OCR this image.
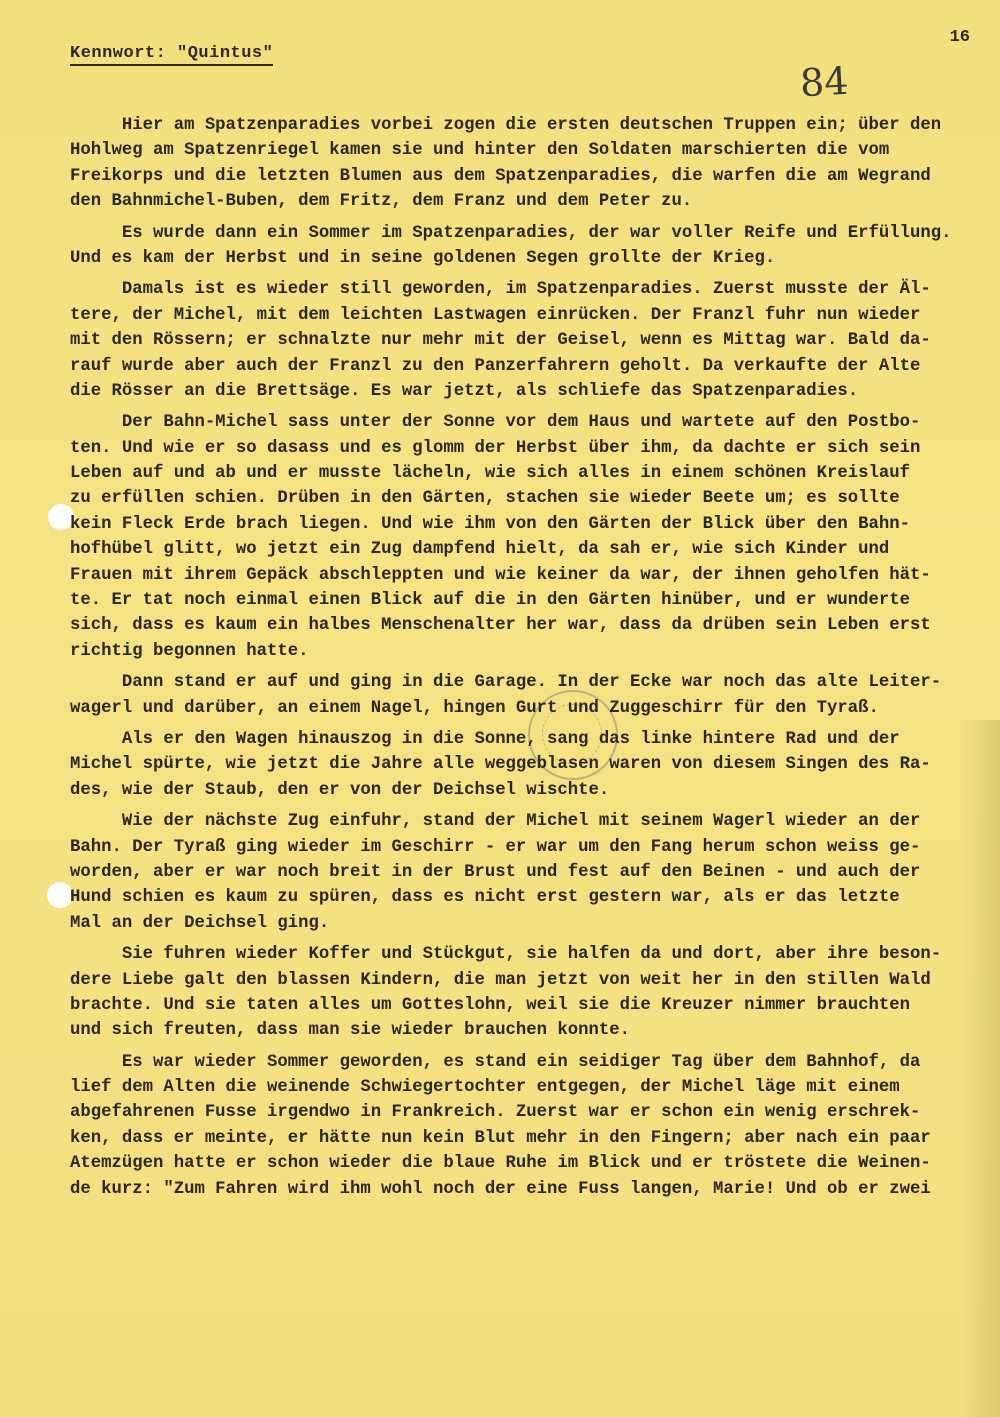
Kennwort: "Quintus"
16
84
Hier am Spatzenparadies vorbei zogen die ersten deutschen Truppen ein; über den
Hohlweg am Spatzenriegel kamen sie und hinter den Soldaten marschierten die vom
Freikorps und die letzten Blumen aus dem Spatzenparadies, die warfen die am Wegrand
den Bahnmichel-Buben, dem Fritz, dem Franz und dem Peter zu.
Es wurde dann ein Sommer im Spatzenparadies, der war voller Reife und Erfüllung.
Und es kam der Herbst und in seine goldenen Segen grollte der Krieg.
Damals ist es wieder still geworden, im Spatzenparadies. Zuerst musste der Äl-
tere, der Michel, mit dem leichten Lastwagen einrücken. Der Franzl fuhr nun wieder
mit den Rössern; er schnalzte nur mehr mit der Geisel, wenn es Mittag war. Bald da-
rauf wurde aber auch der Franzl zu den Panzerfahrern geholt. Da verkaufte der Alte
die Rösser an die Brettsäge. Es war jetzt, als schliefe das Spatzenparadies.
Der Bahn-Michel sass unter der Sonne vor dem Haus und wartete auf den Postbo-
ten. Und wie er so dasass und es glomm der Herbst über ihm, da dachte er sich sein
Leben auf und ab und er musste lächeln, wie sich alles in einem schönen Kreislauf
zu erfüllen schien. Drüben in den Gärten, stachen sie wieder Beete um; es sollte
kein Fleck Erde brach liegen. Und wie ihm von den Gärten der Blick über den Bahn-
hofhübel glitt, wo jetzt ein Zug dampfend hielt, da sah er, wie sich Kinder und
Frauen mit ihrem Gepäck abschleppten und wie keiner da war, der ihnen geholfen hät-
te. Er tat noch einmal einen Blick auf die in den Gärten hinüber, und er wunderte
sich, dass es kaum ein halbes Menschenalter her war, dass da drüben sein Leben erst
richtig begonnen hatte.
Dann stand er auf und ging in die Garage. In der Ecke war noch das alte Leiter-
wagerl und darüber, an einem Nagel, hingen Gurt und Zuggeschirr für den Tyraß.
Als er den Wagen hinauszog in die Sonne, sang das linke hintere Rad und der
Michel spürte, wie jetzt die Jahre alle weggeblasen waren von diesem Singen des Ra-
des, wie der Staub, den er von der Deichsel wischte.
Wie der nächste Zug einfuhr, stand der Michel mit seinem Wagerl wieder an der
Bahn. Der Tyraß ging wieder im Geschirr - er war um den Fang herum schon weiss ge-
worden, aber er war noch breit in der Brust und fest auf den Beinen - und auch der
Hund schien es kaum zu spüren, dass es nicht erst gestern war, als er das letzte
Mal an der Deichsel ging.
Sie fuhren wieder Koffer und Stückgut, sie halfen da und dort, aber ihre beson-
dere Liebe galt den blassen Kindern, die man jetzt von weit her in den stillen Wald
brachte. Und sie taten alles um Gotteslohn, weil sie die Kreuzer nimmer brauchten
und sich freuten, dass man sie wieder brauchen konnte.
Es war wieder Sommer geworden, es stand ein seidiger Tag über dem Bahnhof, da
lief dem Alten die weinende Schwiegertochter entgegen, der Michel läge mit einem
abgefahrenen Fusse irgendwo in Frankreich. Zuerst war er schon ein wenig erschrek-
ken, dass er meinte, er hätte nun kein Blut mehr in den Fingern; aber nach ein paar
Atemzügen hatte er schon wieder die blaue Ruhe im Blick und er tröstete die Weinen-
de kurz: "Zum Fahren wird ihm wohl noch der eine Fuss langen, Marie! Und ob er zwei
